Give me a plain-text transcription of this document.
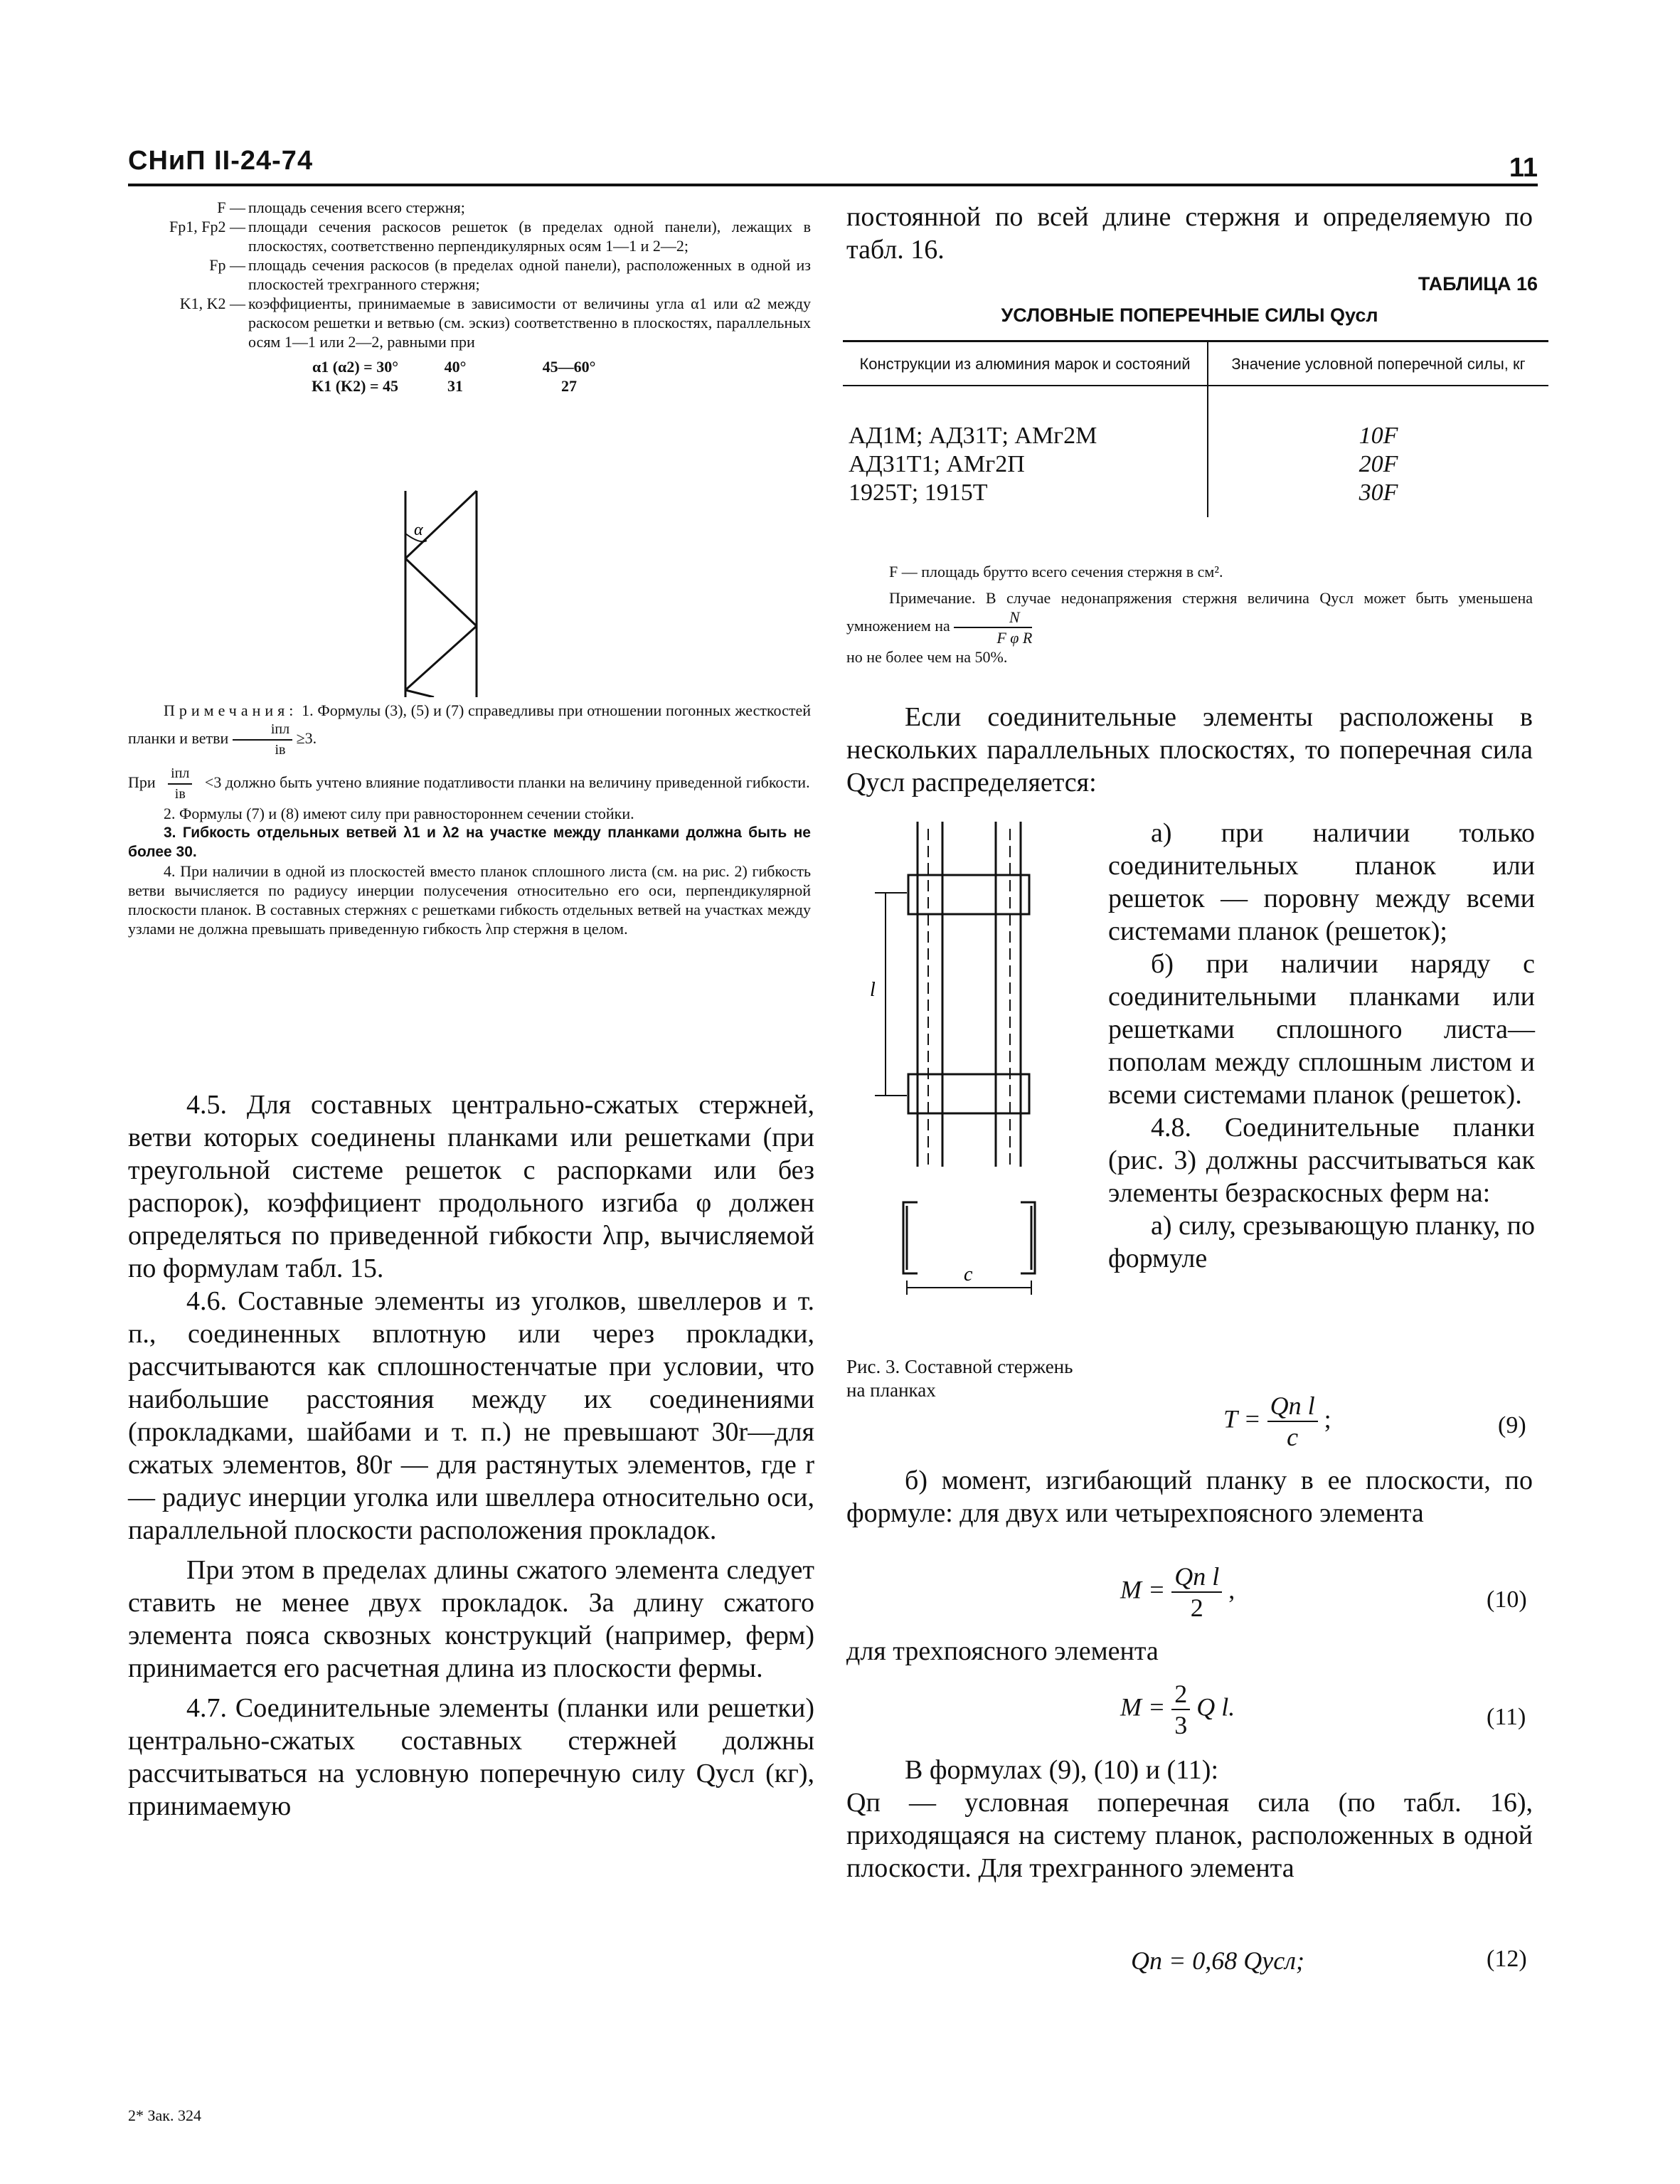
СНиП II-24-74	11
F — площадь сечения всего стержня;
Fр1, Fр2 — площади сечения раскосов решеток (в пределах одной панели), лежащих в плоскостях, соответственно перпендикулярных осям 1—1 и 2—2;
Fр — площадь сечения раскосов (в пределах одной панели), расположенных в одной из плоскостей трехгранного стержня;
K1, K2 — коэффициенты, принимаемые в зависимости от величины угла α1 или α2 между раскосом решетки и ветвью (см. эскиз) соответственно в плоскостях, параллельных осям 1—1 или 2—2, равными при
α1 (α2) = 30°	40°	45—60°
K1 (K2) = 45	31	27
α

Примечания: 1. Формулы (3), (5) и (7) справедливы при отношении погонных жесткостей планки и ветви $\frac{\text{iпл}}{iв} \ge 3$.

При $\frac{\text{iпл}}{iв} <3$ должно быть учтено влияние податливости планки на величину приведенной гибкости.

2. Формулы (7) и (8) имеют силу при равностороннем сечении стойки.

3. Гибкость отдельных ветвей λ1 и λ2 на участке между планками должна быть не более 30.

4. При наличии в одной из плоскостей вместо планок сплошного листа (см. на рис. 2) гибкость ветви вычисляется по радиусу инерции полусечения относительно его оси, перпендикулярной плоскости планок. В составных стержнях с решетками гибкость отдельных ветвей на участках между узлами не должна превышать приведенную гибкость λпр стержня в целом.

4.5. Для составных центрально-сжатых стержней, ветви которых соединены планками или решетками (при треугольной системе решеток с распорками или без распорок), коэффициент продольного изгиба φ должен определяться по приведенной гибкости λпр, вычисляемой по формулам табл. 15.

4.6. Составные элементы из уголков, швеллеров и т. п., соединенных вплотную или через прокладки, рассчитываются как сплошностенчатые при условии, что наибольшие расстояния между их соединениями (прокладками, шайбами и т. п.) не превышают 30r—для сжатых элементов, 80r — для растянутых элементов, где r — радиус инерции уголка или швеллера относительно оси, параллельной плоскости расположения прокладок.

При этом в пределах длины сжатого элемента следует ставить не менее двух прокладок. За длину сжатого элемента пояса сквозных конструкций (например, ферм) принимается его расчетная длина из плоскости фермы.

4.7. Соединительные элементы (планки или решетки) центрально-сжатых составных стержней должны рассчитываться на условную поперечную силу Qусл (кг), принимаемую

2* Зак. 324

постоянной по всей длине стержня и определяемую по табл. 16.

ТАБЛИЦА 16
УСЛОВНЫЕ ПОПЕРЕЧНЫЕ СИЛЫ Qусл
Конструкции из алюминия марок и состояний	Значение условной поперечной силы, кг

АД1М; АД31Т; АМг2М	10F
АД31Т1; АМг2П	20F
1925Т; 1915Т	30F

F — площадь брутто всего сечения стержня в см².

Примечание. В случае недонапряжения стержня величина Qусл может быть уменьшена умножением на $\frac{N}{\text{F φ R}}$

но не более чем на 50%.

Если соединительные элементы расположены в нескольких параллельных плоскостях, то поперечная сила Qусл распределяется:

l
c
Рис. 3. Составной стержень на планках

а) при наличии только соединительных планок или решеток — поровну между всеми системами планок (решеток);

б) при наличии наряду с соединительными планками или решетками сплошного листа—пополам между сплошным листом и всеми системами планок (решеток).

4.8. Соединительные планки (рис. 3) должны рассчитываться как элементы безраскосных ферм на:

а) силу, срезывающую планку, по формуле

$T = \frac{\text{Qп l}}{c}$ ;	(9)

б) момент, изгибающий планку в ее плоскости, по формуле: для двух или четырехпоясного элемента

$M = \frac{\text{Qп l}}{2}$ ,	(10)
для трехпоясного элемента
$M = \frac{2}{3}$ Q l.	(11)

В формулах (9), (10) и (11):

Qп — условная поперечная сила (по табл. 16), приходящаяся на систему планок, расположенных в одной плоскости. Для трехгранного элемента

Qп = 0,68 Qусл;	(12)
